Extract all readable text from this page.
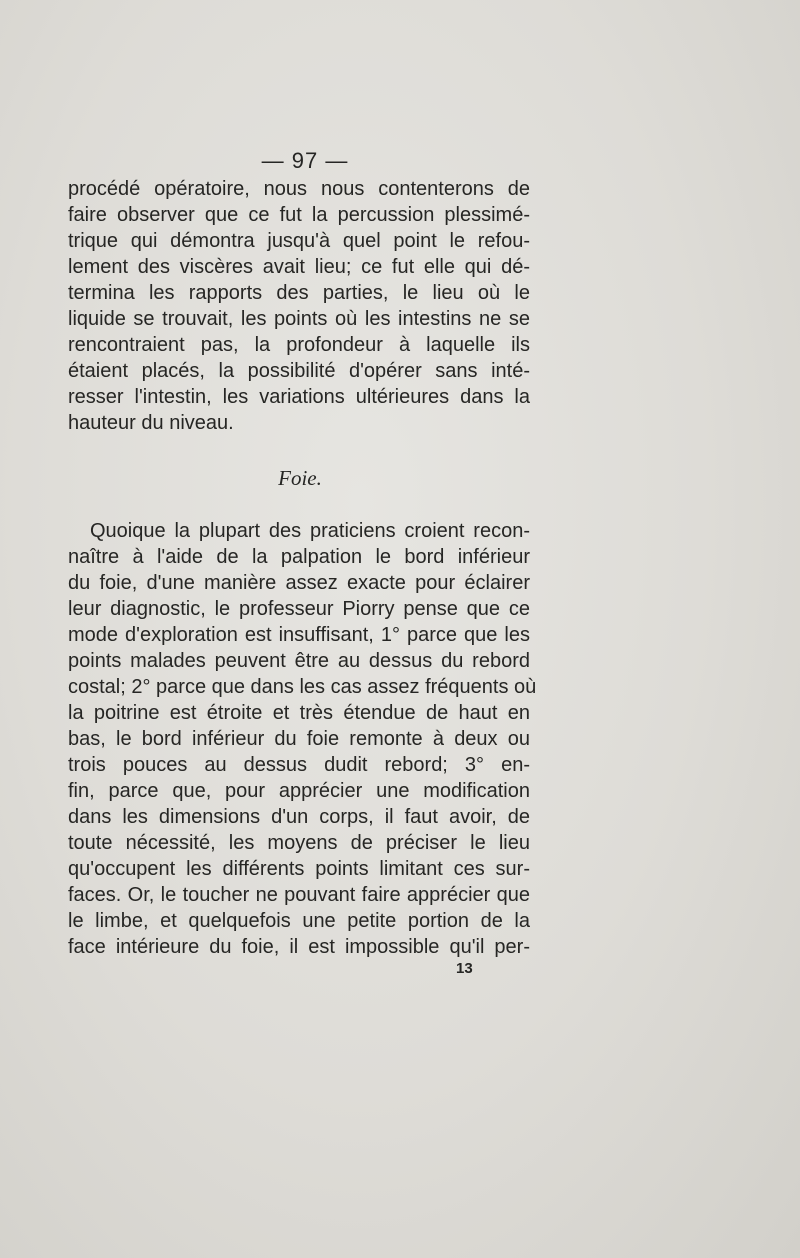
— 97 —
procédé opératoire, nous nous contenterons de
faire observer que ce fut la percussion plessimé-
trique qui démontra jusqu'à quel point le refou-
lement des viscères avait lieu; ce fut elle qui dé-
termina les rapports des parties, le lieu où le
liquide se trouvait, les points où les intestins ne se
rencontraient pas, la profondeur à laquelle ils
étaient placés, la possibilité d'opérer sans inté-
resser l'intestin, les variations ultérieures dans la
hauteur du niveau.
Foie.
Quoique la plupart des praticiens croient recon-
naître à l'aide de la palpation le bord inférieur
du foie, d'une manière assez exacte pour éclairer
leur diagnostic, le professeur Piorry pense que ce
mode d'exploration est insuffisant, 1° parce que les
points malades peuvent être au dessus du rebord
costal; 2° parce que dans les cas assez fréquents où
la poitrine est étroite et très étendue de haut en
bas, le bord inférieur du foie remonte à deux ou
trois pouces au dessus dudit rebord; 3° en-
fin, parce que, pour apprécier une modification
dans les dimensions d'un corps, il faut avoir, de
toute nécessité, les moyens de préciser le lieu
qu'occupent les différents points limitant ces sur-
faces. Or, le toucher ne pouvant faire apprécier que
le limbe, et quelquefois une petite portion de la
face intérieure du foie, il est impossible qu'il per-
13
